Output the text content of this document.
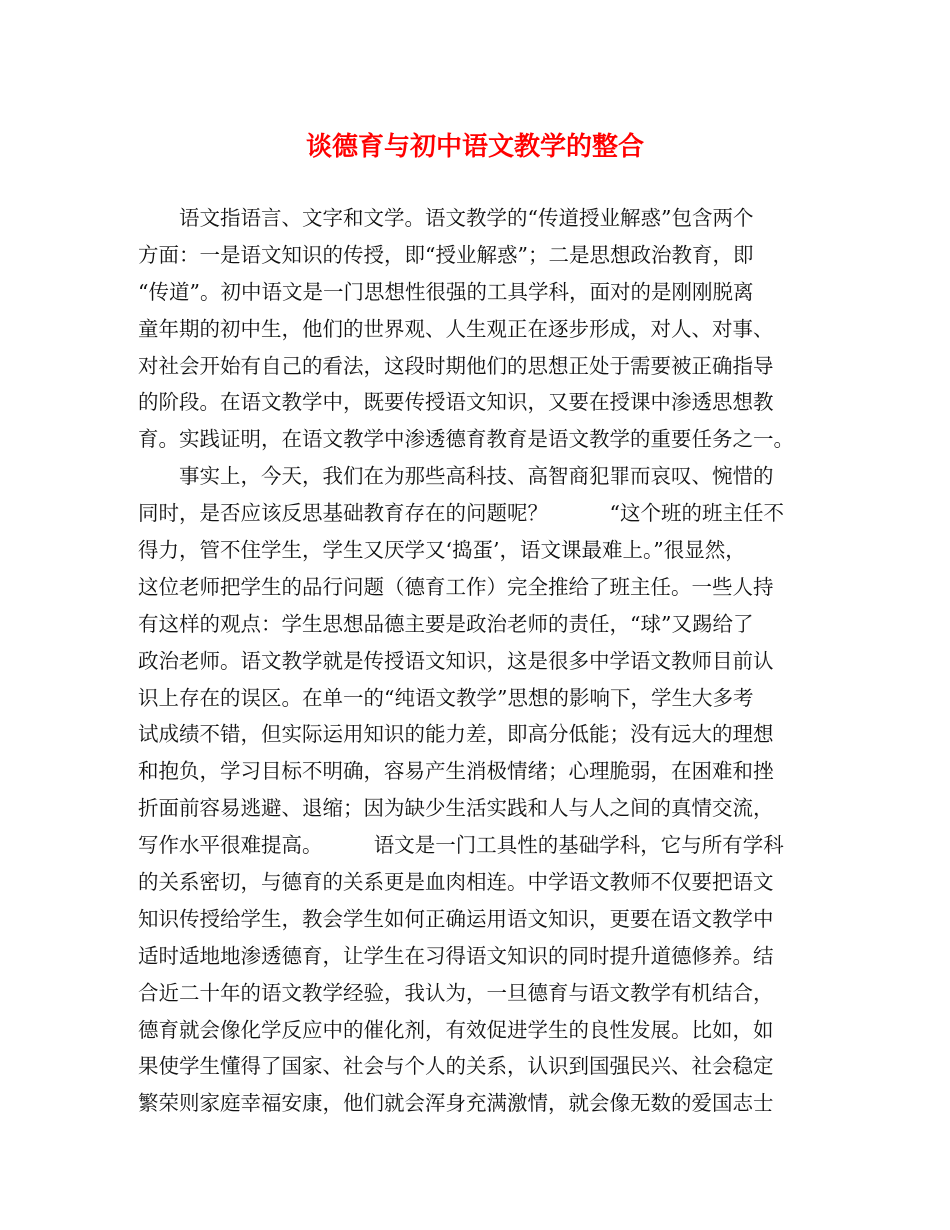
谈德育与初中语文教学的整合
　　语文指语言、文字和文学。语文教学的“传道授业解惑”包含两个
方面：一是语文知识的传授，即“授业解惑”；二是思想政治教育，即
“传道”。初中语文是一门思想性很强的工具学科，面对的是刚刚脱离
童年期的初中生，他们的世界观、人生观正在逐步形成，对人、对事、
对社会开始有自己的看法，这段时期他们的思想正处于需要被正确指导
的阶段。在语文教学中，既要传授语文知识，又要在授课中渗透思想教
育。实践证明，在语文教学中渗透德育教育是语文教学的重要任务之一。
　　事实上，今天，我们在为那些高科技、高智商犯罪而哀叹、惋惜的
同时，是否应该反思基础教育存在的问题呢？　　　“这个班的班主任不
得力，管不住学生，学生又厌学又‘捣蛋’，语文课最难上。”很显然，
这位老师把学生的品行问题（德育工作）完全推给了班主任。一些人持
有这样的观点：学生思想品德主要是政治老师的责任，“球”又踢给了
政治老师。语文教学就是传授语文知识，这是很多中学语文教师目前认
识上存在的误区。在单一的“纯语文教学”思想的影响下，学生大多考
试成绩不错，但实际运用知识的能力差，即高分低能；没有远大的理想
和抱负，学习目标不明确，容易产生消极情绪；心理脆弱，在困难和挫
折面前容易逃避、退缩；因为缺少生活实践和人与人之间的真情交流，
写作水平很难提高。　　　语文是一门工具性的基础学科，它与所有学科
的关系密切，与德育的关系更是血肉相连。中学语文教师不仅要把语文
知识传授给学生，教会学生如何正确运用语文知识，更要在语文教学中
适时适地地渗透德育，让学生在习得语文知识的同时提升道德修养。结
合近二十年的语文教学经验，我认为，一旦德育与语文教学有机结合，
德育就会像化学反应中的催化剂，有效促进学生的良性发展。比如，如
果使学生懂得了国家、社会与个人的关系，认识到国强民兴、社会稳定
繁荣则家庭幸福安康，他们就会浑身充满激情，就会像无数的爱国志士
